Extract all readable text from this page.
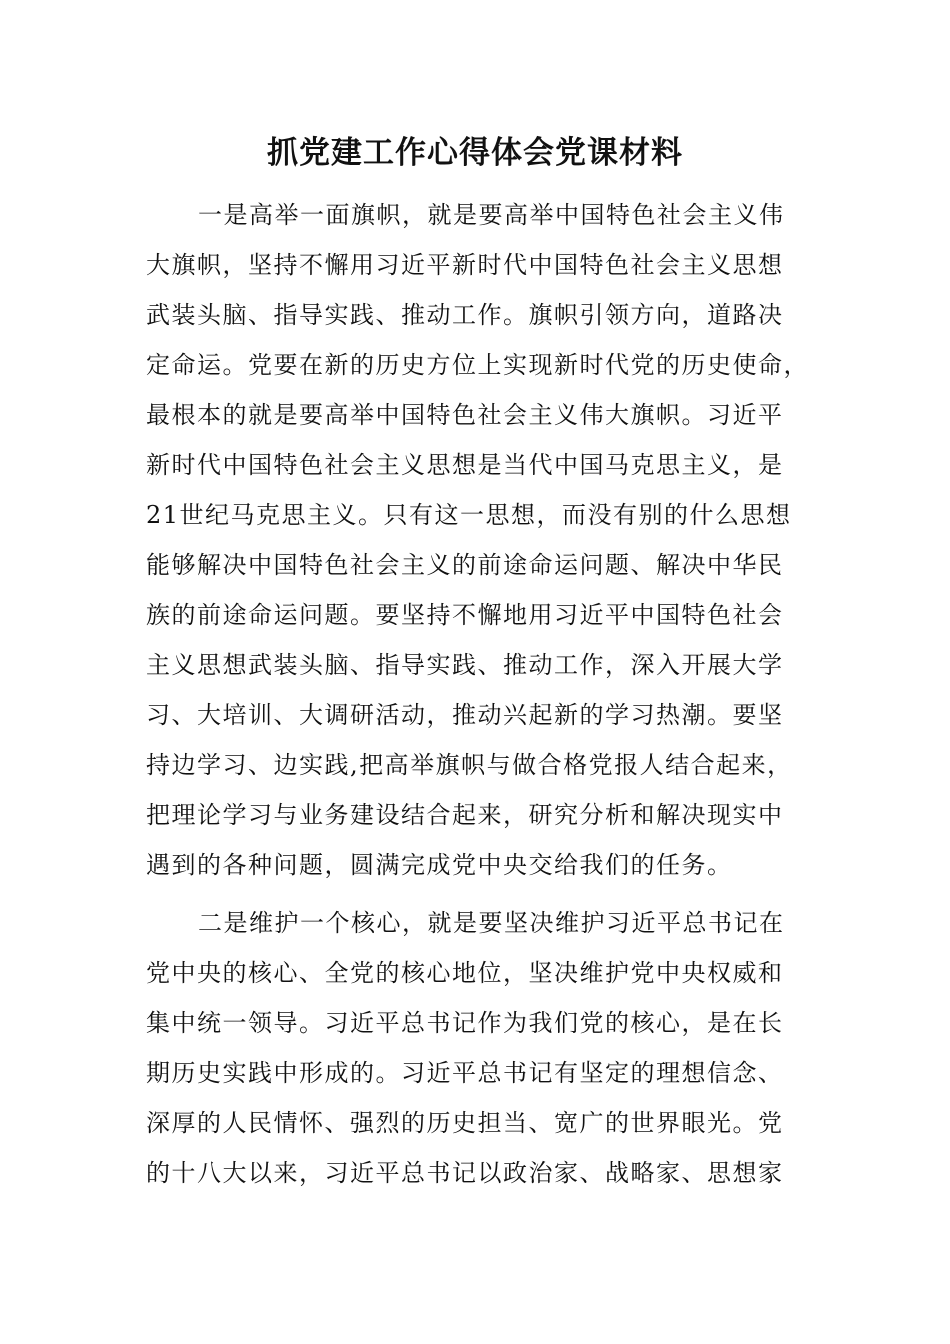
抓党建工作心得体会党课材料
一是高举一面旗帜，就是要高举中国特色社会主义伟
大旗帜，坚持不懈用习近平新时代中国特色社会主义思想
武装头脑、指导实践、推动工作。旗帜引领方向，道路决
定命运。党要在新的历史方位上实现新时代党的历史使命，
最根本的就是要高举中国特色社会主义伟大旗帜。习近平
新时代中国特色社会主义思想是当代中国马克思主义，是
21世纪马克思主义。只有这一思想，而没有别的什么思想
能够解决中国特色社会主义的前途命运问题、解决中华民
族的前途命运问题。要坚持不懈地用习近平中国特色社会
主义思想武装头脑、指导实践、推动工作，深入开展大学
习、大培训、大调研活动，推动兴起新的学习热潮。要坚
持边学习、边实践,把高举旗帜与做合格党报人结合起来，
把理论学习与业务建设结合起来，研究分析和解决现实中
遇到的各种问题，圆满完成党中央交给我们的任务。
二是维护一个核心，就是要坚决维护习近平总书记在
党中央的核心、全党的核心地位，坚决维护党中央权威和
集中统一领导。习近平总书记作为我们党的核心，是在长
期历史实践中形成的。习近平总书记有坚定的理想信念、
深厚的人民情怀、强烈的历史担当、宽广的世界眼光。党
的十八大以来，习近平总书记以政治家、战略家、思想家
